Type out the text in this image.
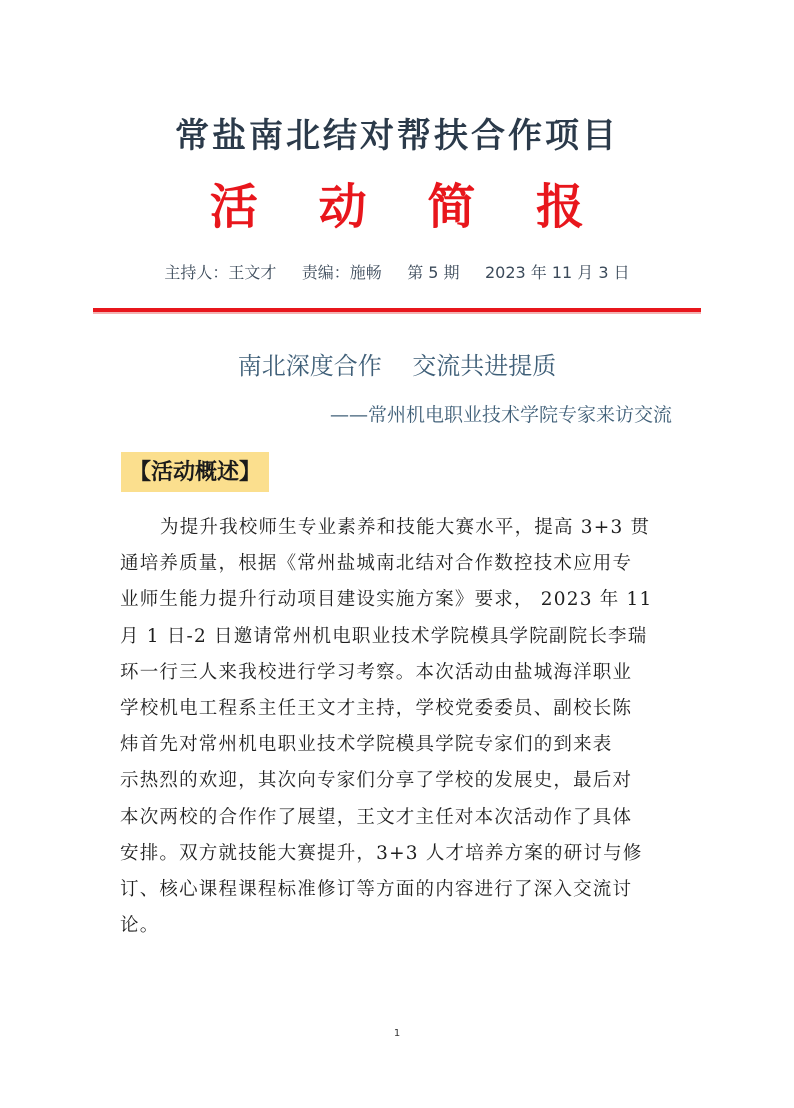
常盐南北结对帮扶合作项目
活 动 简 报
主持人：王文才     责编：施畅     第 5 期     2023 年 11 月 3 日
南北深度合作    交流共进提质
——常州机电职业技术学院专家来访交流
【活动概述】
为提升我校师生专业素养和技能大赛水平，提高 3+3 贯
通培养质量，根据《常州盐城南北结对合作数控技术应用专
业师生能力提升行动项目建设实施方案》要求， 2023 年 11
月 1 日-2 日邀请常州机电职业技术学院模具学院副院长李瑞
环一行三人来我校进行学习考察。本次活动由盐城海洋职业
学校机电工程系主任王文才主持，学校党委委员、副校长陈
炜首先对常州机电职业技术学院模具学院专家们的到来表
示热烈的欢迎，其次向专家们分享了学校的发展史，最后对
本次两校的合作作了展望，王文才主任对本次活动作了具体
安排。双方就技能大赛提升，3+3 人才培养方案的研讨与修
订、核心课程课程标准修订等方面的内容进行了深入交流讨
论。
1
